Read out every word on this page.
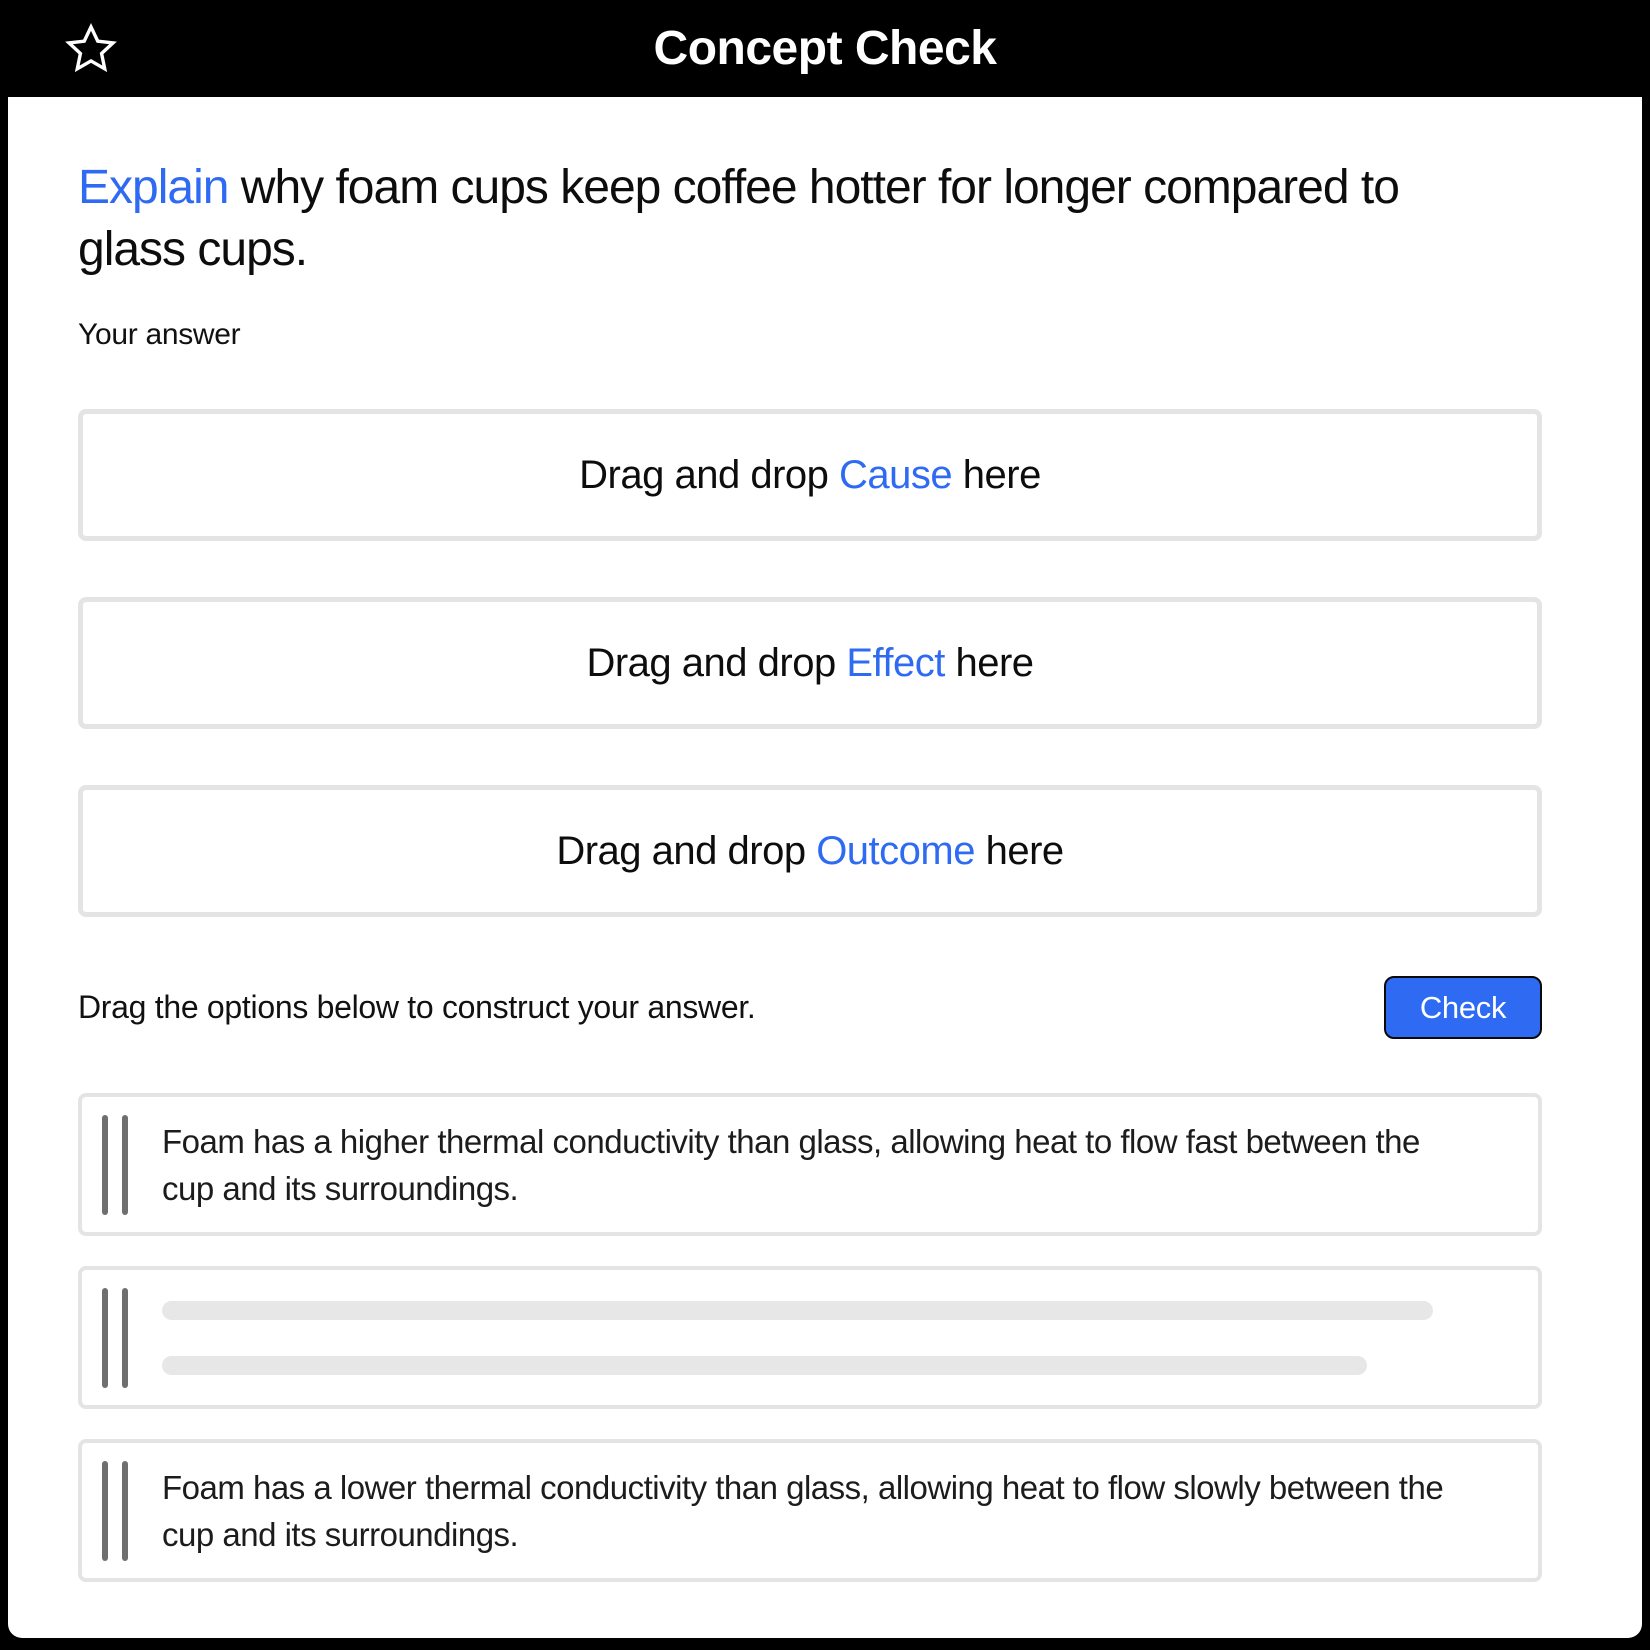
Concept Check
Explain why foam cups keep coffee hotter for longer compared to glass cups.
Your answer
Drag and drop Cause here
Drag and drop Effect here
Drag and drop Outcome here
Drag the options below to construct your answer.	Check
Foam has a higher thermal conductivity than glass, allowing heat to flow fast between the cup and its surroundings.
Foam has a lower thermal conductivity than glass, allowing heat to flow slowly between the cup and its surroundings.
